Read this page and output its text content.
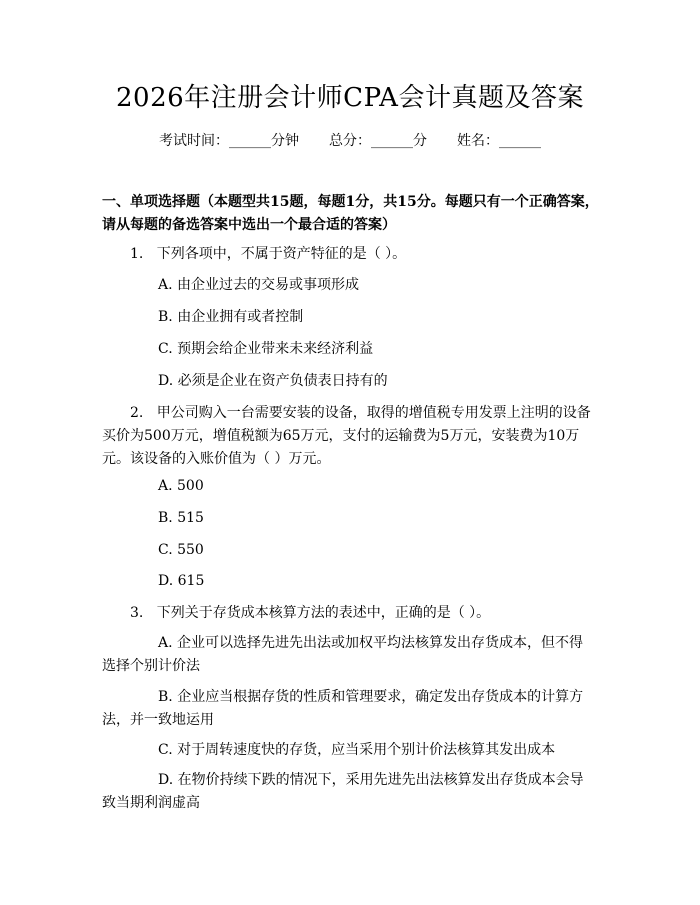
2026年注册会计师CPA会计真题及答案
考试时间：______分钟 总分：______分 姓名：______
一、单项选择题（本题型共15题，每题1分，共15分。每题只有一个正确答案，请从每题的备选答案中选出一个最合适的答案）
1.   下列各项中，不属于资产特征的是（ ）。
A. 由企业过去的交易或事项形成
B. 由企业拥有或者控制
C. 预期会给企业带来未来经济利益
D. 必须是企业在资产负债表日持有的
2.   甲公司购入一台需要安装的设备，取得的增值税专用发票上注明的设备买价为500万元，增值税额为65万元，支付的运输费为5万元，安装费为10万元。该设备的入账价值为（ ）万元。
A. 500
B. 515
C. 550
D. 615
3.   下列关于存货成本核算方法的表述中，正确的是（ ）。
A. 企业可以选择先进先出法或加权平均法核算发出存货成本，但不得选择个别计价法
B. 企业应当根据存货的性质和管理要求，确定发出存货成本的计算方法，并一致地运用
C. 对于周转速度快的存货，应当采用个别计价法核算其发出成本
D. 在物价持续下跌的情况下，采用先进先出法核算发出存货成本会导致当期利润虚高
